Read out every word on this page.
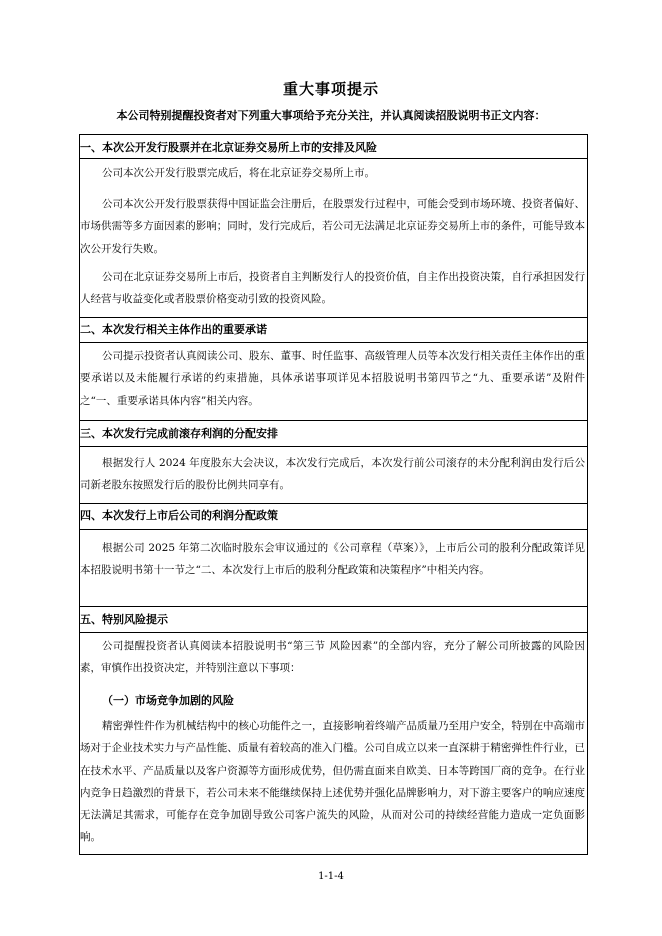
重大事项提示
本公司特别提醒投资者对下列重大事项给予充分关注，并认真阅读招股说明书正文内容：
一、本次公开发行股票并在北京证券交易所上市的安排及风险

公司本次公开发行股票完成后，将在北京证券交易所上市。

公司本次公开发行股票获得中国证监会注册后，在股票发行过程中，可能会受到市场环境、投资者偏好、市场供需等多方面因素的影响；同时，发行完成后，若公司无法满足北京证券交易所上市的条件，可能导致本次公开发行失败。

公司在北京证券交易所上市后，投资者自主判断发行人的投资价值，自主作出投资决策，自行承担因发行人经营与收益变化或者股票价格变动引致的投资风险。

二、本次发行相关主体作出的重要承诺

公司提示投资者认真阅读公司、股东、董事、时任监事、高级管理人员等本次发行相关责任主体作出的重要承诺以及未能履行承诺的约束措施，具体承诺事项详见本招股说明书第四节之“九、重要承诺”及附件之“一、重要承诺具体内容”相关内容。

三、本次发行完成前滚存利润的分配安排

根据发行人 2024 年度股东大会决议，本次发行完成后，本次发行前公司滚存的未分配利润由发行后公司新老股东按照发行后的股份比例共同享有。

四、本次发行上市后公司的利润分配政策

根据公司 2025 年第二次临时股东会审议通过的《公司章程（草案）》，上市后公司的股利分配政策详见本招股说明书第十一节之“二、本次发行上市后的股利分配政策和决策程序”中相关内容。

五、特别风险提示

公司提醒投资者认真阅读本招股说明书“第三节 风险因素”的全部内容，充分了解公司所披露的风险因素，审慎作出投资决定，并特别注意以下事项：

（一）市场竞争加剧的风险

精密弹性件作为机械结构中的核心功能件之一，直接影响着终端产品质量乃至用户安全，特别在中高端市场对于企业技术实力与产品性能、质量有着较高的准入门槛。公司自成立以来一直深耕于精密弹性件行业，已在技术水平、产品质量以及客户资源等方面形成优势，但仍需直面来自欧美、日本等跨国厂商的竞争。在行业内竞争日趋激烈的背景下，若公司未来不能继续保持上述优势并强化品牌影响力，对下游主要客户的响应速度无法满足其需求，可能存在竞争加剧导致公司客户流失的风险，从而对公司的持续经营能力造成一定负面影响。

1-1-4
